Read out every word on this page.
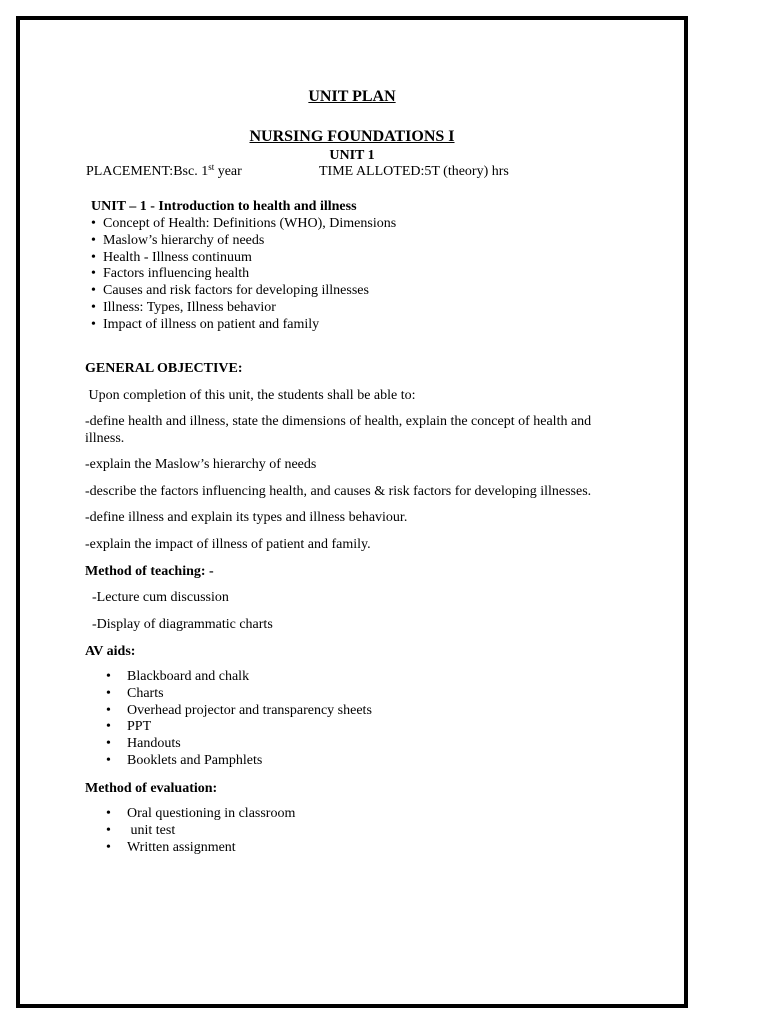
UNIT PLAN
NURSING FOUNDATIONS I
UNIT 1
PLACEMENT:Bsc. 1st year	TIME ALLOTED:5T (theory) hrs
UNIT – 1 - Introduction to health and illness
• Concept of Health: Definitions (WHO), Dimensions
• Maslow’s hierarchy of needs
• Health - Illness continuum
• Factors influencing health
• Causes and risk factors for developing illnesses
• Illness: Types, Illness behavior
• Impact of illness on patient and family
GENERAL OBJECTIVE:
Upon completion of this unit, the students shall be able to:
-define health and illness, state the dimensions of health, explain the concept of health and illness.
-explain the Maslow’s hierarchy of needs
-describe the factors influencing health, and causes & risk factors for developing illnesses.
-define illness and explain its types and illness behaviour.
-explain the impact of illness of patient and family.
Method of teaching: -
-Lecture cum discussion
-Display of diagrammatic charts
AV aids:
• Blackboard and chalk
• Charts
• Overhead projector and transparency sheets
• PPT
• Handouts
• Booklets and Pamphlets
Method of evaluation:
• Oral questioning in classroom
• unit test
• Written assignment
